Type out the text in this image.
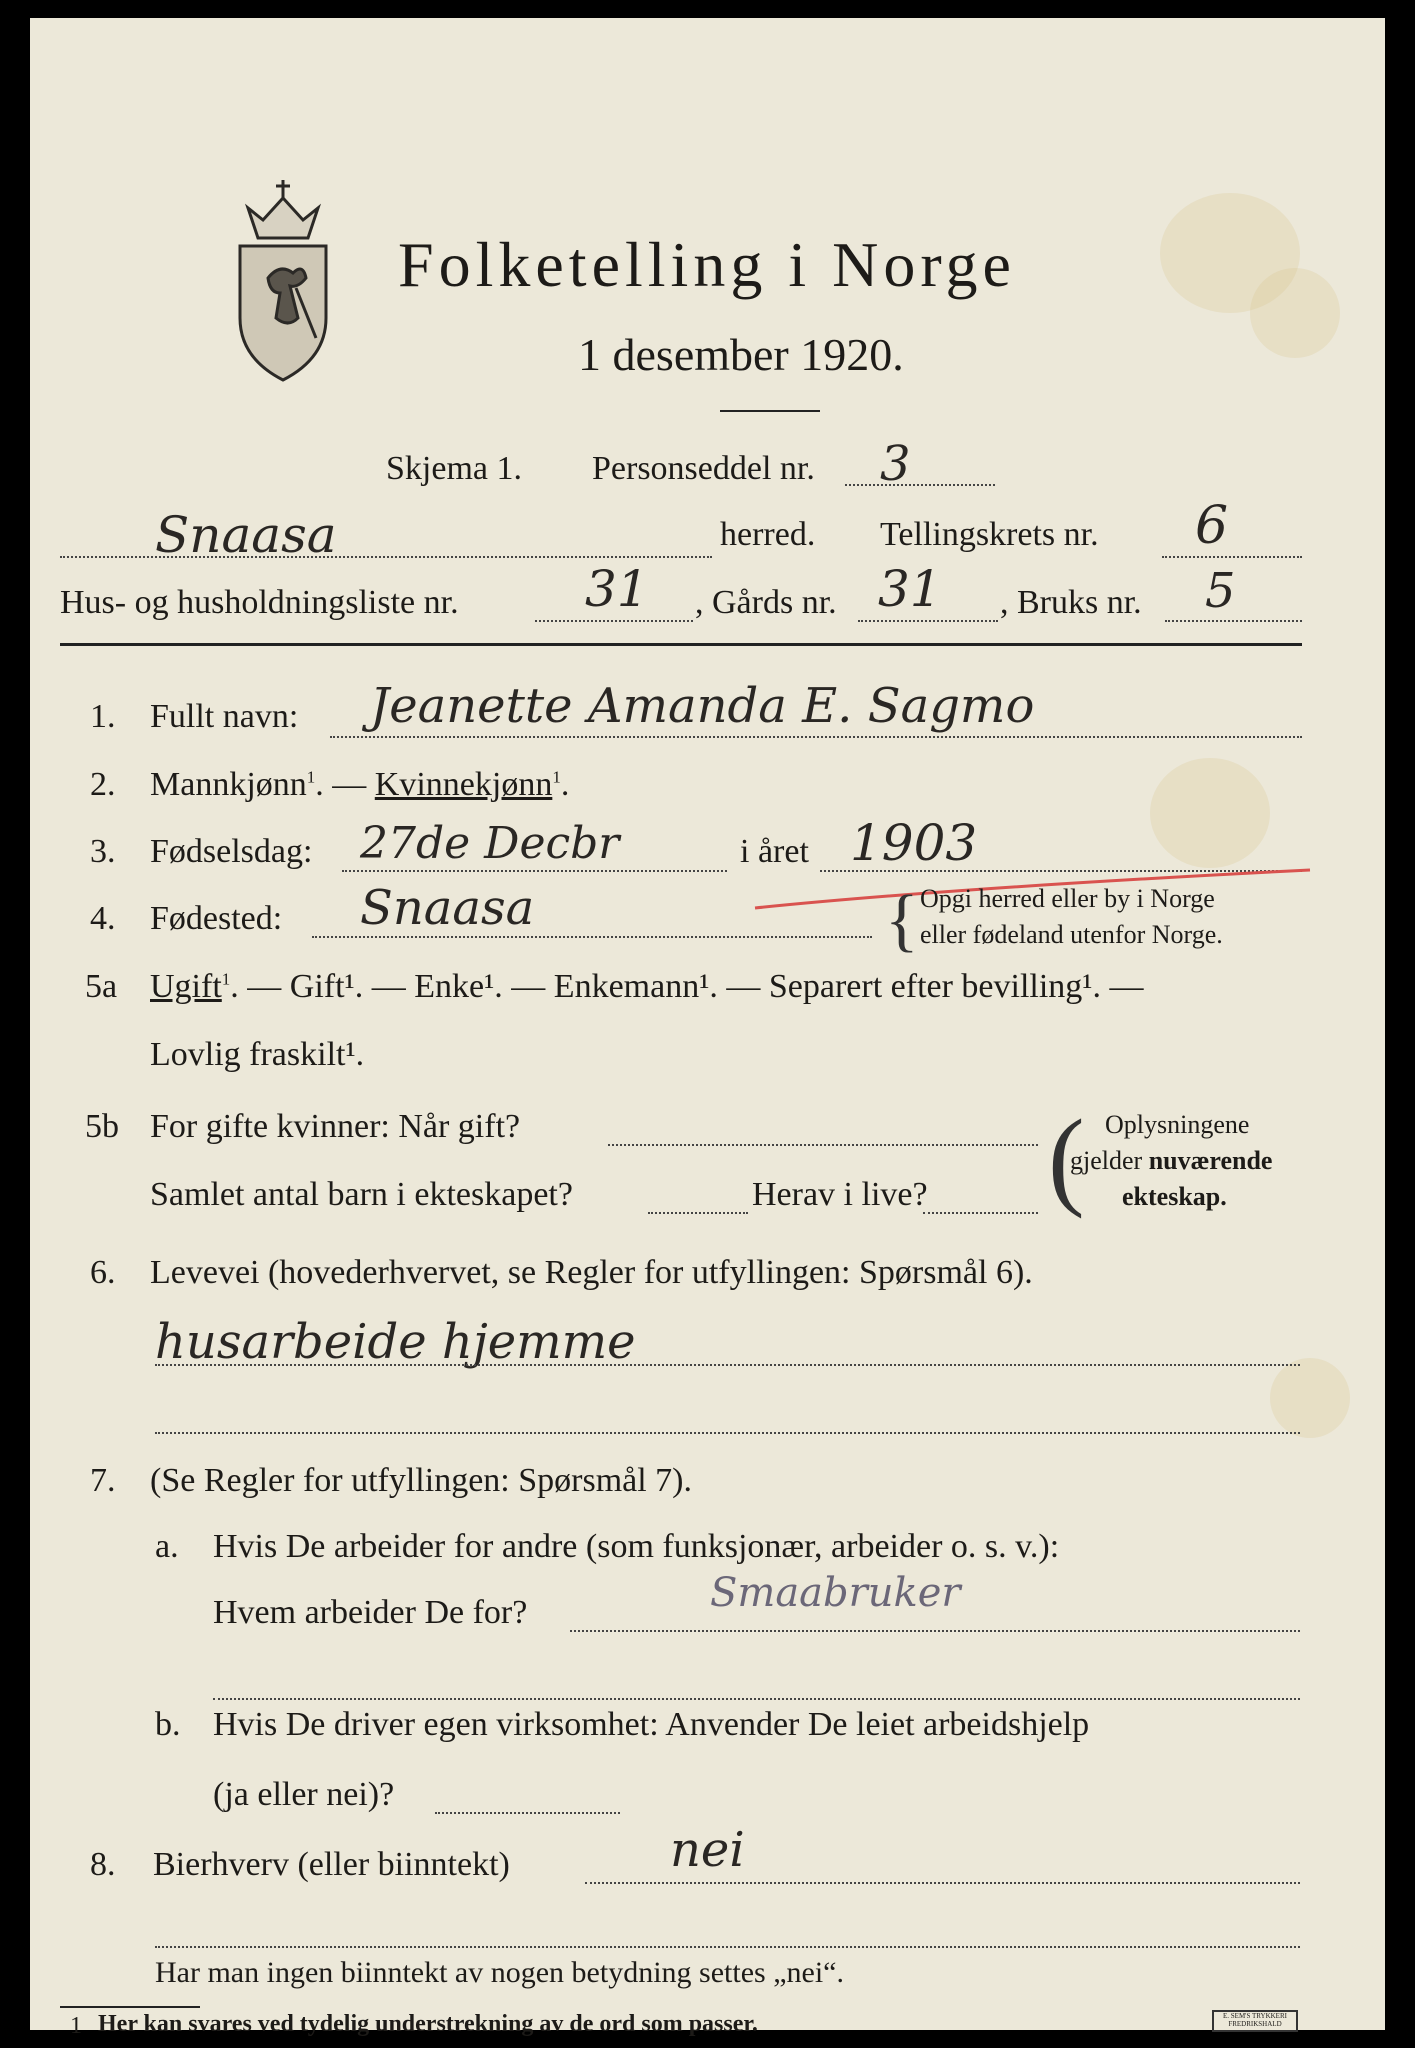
Folketelling i Norge
1 desember 1920.
Skjema 1. Personseddel nr. 3
Snaasa	herred. Tellingskrets nr. 6
Hus- og husholdningsliste nr.	31 , Gårds nr. 31 , Bruks nr. 5
1. Fullt navn: Jeanette Amanda E. Sagmo
2. Mannkjønn$^1$. — Kvinnekjønn$^1$.
3. Fødselsdag: 27de Decbr	i året 1903
4. Fødested: Snaasa	{ Opgi herred eller by i Norge
eller fødeland utenfor Norge.
5a Ugift$^1$. — Gift¹. — Enke¹. — Enkemann¹. — Separert efter bevilling¹. —
Lovlig fraskilt¹.
5b For gifte kvinner: Når gift?
Samlet antal barn i ekteskapet?	Herav i live? ( Oplysningene
gjelder nuværende
ekteskap.
6. Levevei (hovederhvervet, se Regler for utfyllingen: Spørsmål 6).
husarbeide hjemme
7. (Se Regler for utfyllingen: Spørsmål 7).
a. Hvis De arbeider for andre (som funksjonær, arbeider o. s. v.):
Hvem arbeider De for?	Smaabruker
b. Hvis De driver egen virksomhet: Anvender De leiet arbeidshjelp
(ja eller nei)?
8. Bierhverv (eller biinntekt)	nei
Har man ingen biinntekt av nogen betydning settes „nei“.
1 Her kan svares ved tydelig understrekning av de ord som passer.	E. SEM'S TRYKKERI FREDRIKSHALD
